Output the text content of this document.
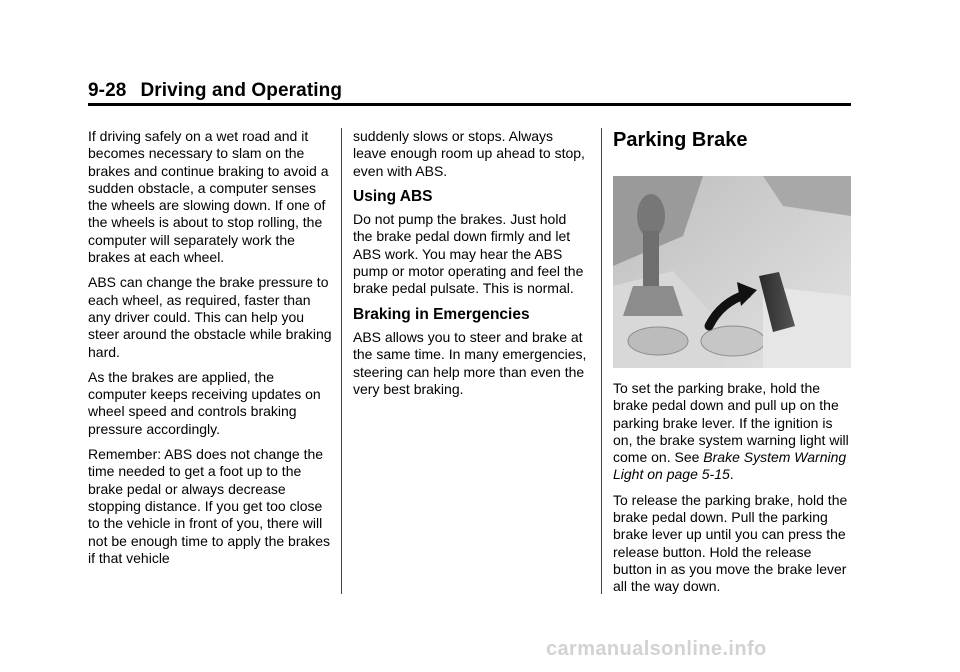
9-28 Driving and Operating

If driving safely on a wet road and it becomes necessary to slam on the brakes and continue braking to avoid a sudden obstacle, a computer senses the wheels are slowing down. If one of the wheels is about to stop rolling, the computer will separately work the brakes at each wheel.

ABS can change the brake pressure to each wheel, as required, faster than any driver could. This can help you steer around the obstacle while braking hard.

As the brakes are applied, the computer keeps receiving updates on wheel speed and controls braking pressure accordingly.

Remember: ABS does not change the time needed to get a foot up to the brake pedal or always decrease stopping distance. If you get too close to the vehicle in front of you, there will not be enough time to apply the brakes if that vehicle

suddenly slows or stops. Always leave enough room up ahead to stop, even with ABS.

Using ABS

Do not pump the brakes. Just hold the brake pedal down firmly and let ABS work. You may hear the ABS pump or motor operating and feel the brake pedal pulsate. This is normal.

Braking in Emergencies

ABS allows you to steer and brake at the same time. In many emergencies, steering can help more than even the very best braking.

Parking Brake

To set the parking brake, hold the brake pedal down and pull up on the parking brake lever. If the ignition is on, the brake system warning light will come on. See Brake System Warning Light on page 5-15.

To release the parking brake, hold the brake pedal down. Pull the parking brake lever up until you can press the release button. Hold the release button in as you move the brake lever all the way down.

carmanualsonline.info
